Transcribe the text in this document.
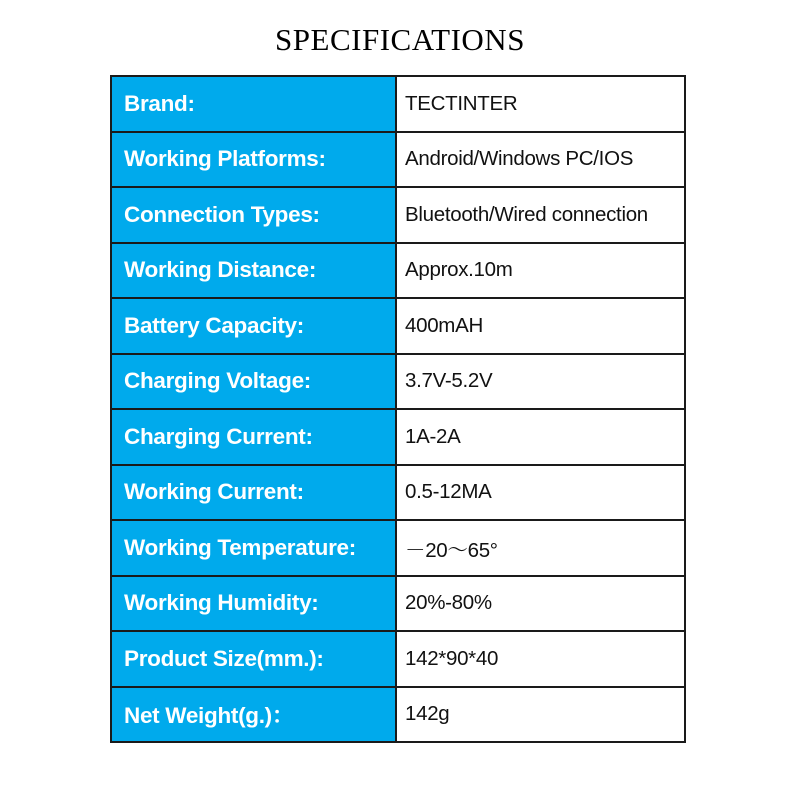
SPECIFICATIONS
Brand:	TECTINTER
Working Platforms:	Android/Windows PC/IOS
Connection Types:	Bluetooth/Wired connection
Working Distance:	Approx.10m
Battery Capacity:	400mAH
Charging Voltage:	3.7V-5.2V
Charging Current:	1A-2A
Working Current:	0.5-12MA
Working Temperature:	－20～65°
Working Humidity:	20%-80%
Product Size(mm.):	142*90*40
Net Weight(g.)：	142g
